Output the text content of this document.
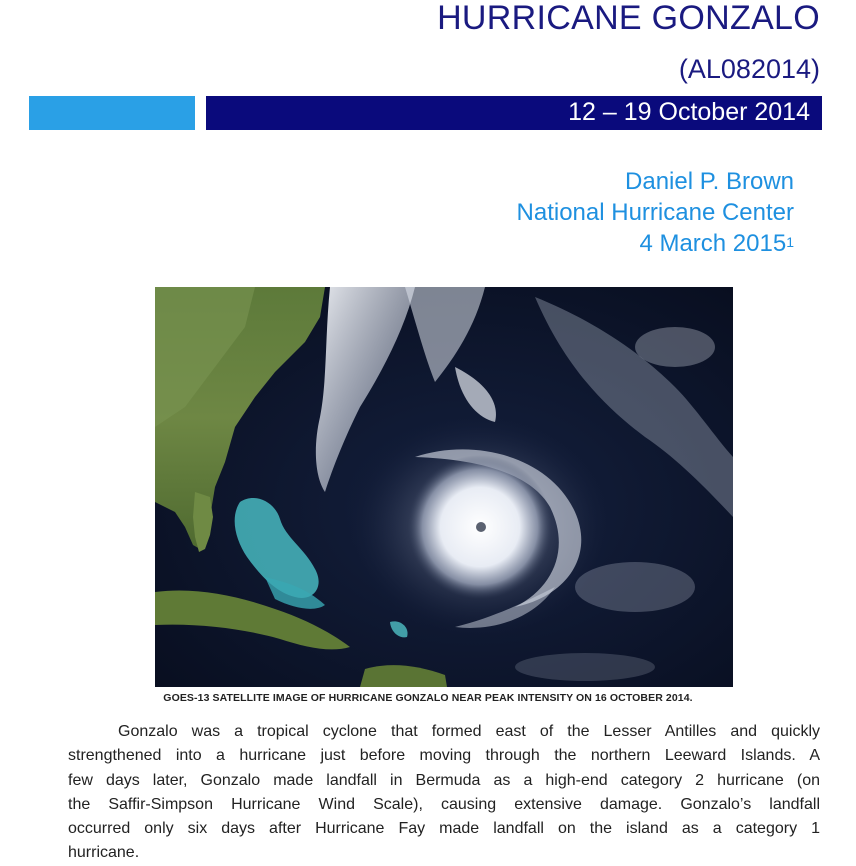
HURRICANE GONZALO
(AL082014)
12 – 19 October 2014
Daniel P. Brown
National Hurricane Center
4 March 2015$^1$
GOES-13 SATELLITE IMAGE OF HURRICANE GONZALO NEAR PEAK INTENSITY ON 16 OCTOBER 2014.
Gonzalo was a tropical cyclone that formed east of the Lesser Antilles and quickly
strengthened into a hurricane just before moving through the northern Leeward Islands. A
few days later, Gonzalo made landfall in Bermuda as a high-end category 2 hurricane (on
the Saffir-Simpson Hurricane Wind Scale), causing extensive damage. Gonzalo’s landfall
occurred only six days after Hurricane Fay made landfall on the island as a category 1
hurricane.
